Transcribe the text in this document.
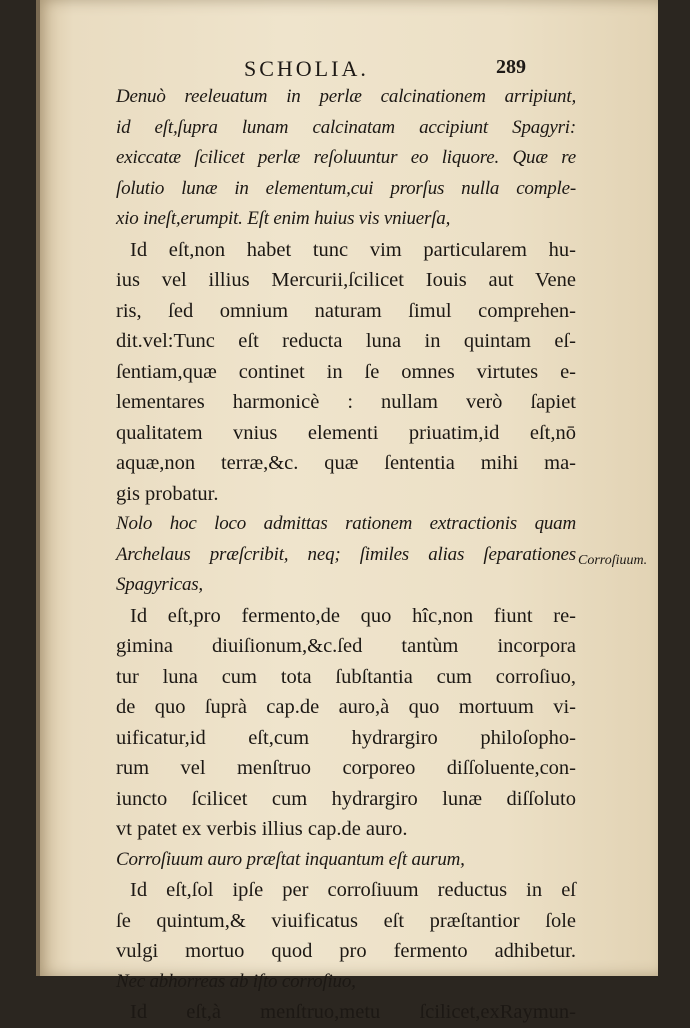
SCHOLIA.	289
Denuò reeleuatum in perlæ calcinationem arripiunt,
id eſt,ſupra lunam calcinatam accipiunt Spagyri:
exiccatæ ſcilicet perlæ reſoluuntur eo liquore. Quæ re
ſolutio lunæ in elementum,cui prorſus nulla comple-
xio ineſt,erumpit. Eſt enim huius vis vniuerſa,
Id eſt,non habet tunc vim particularem hu-
ius vel illius Mercurii,ſcilicet Iouis aut Vene
ris, ſed omnium naturam ſimul comprehen-
dit.vel:Tunc eſt reducta luna in quintam eſ-
ſentiam,quæ continet in ſe omnes virtutes e-
lementares harmonicè : nullam verò ſapiet
qualitatem vnius elementi priuatim,id eſt,nō
aquæ,non terræ,&c. quæ ſententia mihi ma-
gis probatur.
Nolo hoc loco admittas rationem extractionis quam
Archelaus præſcribit, neq; ſimiles alias ſeparationes
Spagyricas,
Id eſt,pro fermento,de quo hîc,non fiunt re-
gimina diuiſionum,&c.ſed tantùm incorpora
tur luna cum tota ſubſtantia cum corroſiuo,
de quo ſuprà cap.de auro,à quo mortuum vi-
uificatur,id eſt,cum hydrargiro philoſopho-
rum vel menſtruo corporeo diſſoluente,con-
iuncto ſcilicet cum hydrargiro lunæ diſſoluto
vt patet ex verbis illius cap.de auro.
Corroſiuum auro præſtat inquantum eſt aurum,
Id eſt,ſol ipſe per corroſiuum reductus in eſ
ſe quintum,& viuificatus eſt præſtantior ſole
vulgi mortuo quod pro fermento adhibetur.
Nec abhorreas ab iſto corroſiuo,
Id eſt,à menſtruo,metu ſcilicet,exRaymun-
Corroſiuum.
